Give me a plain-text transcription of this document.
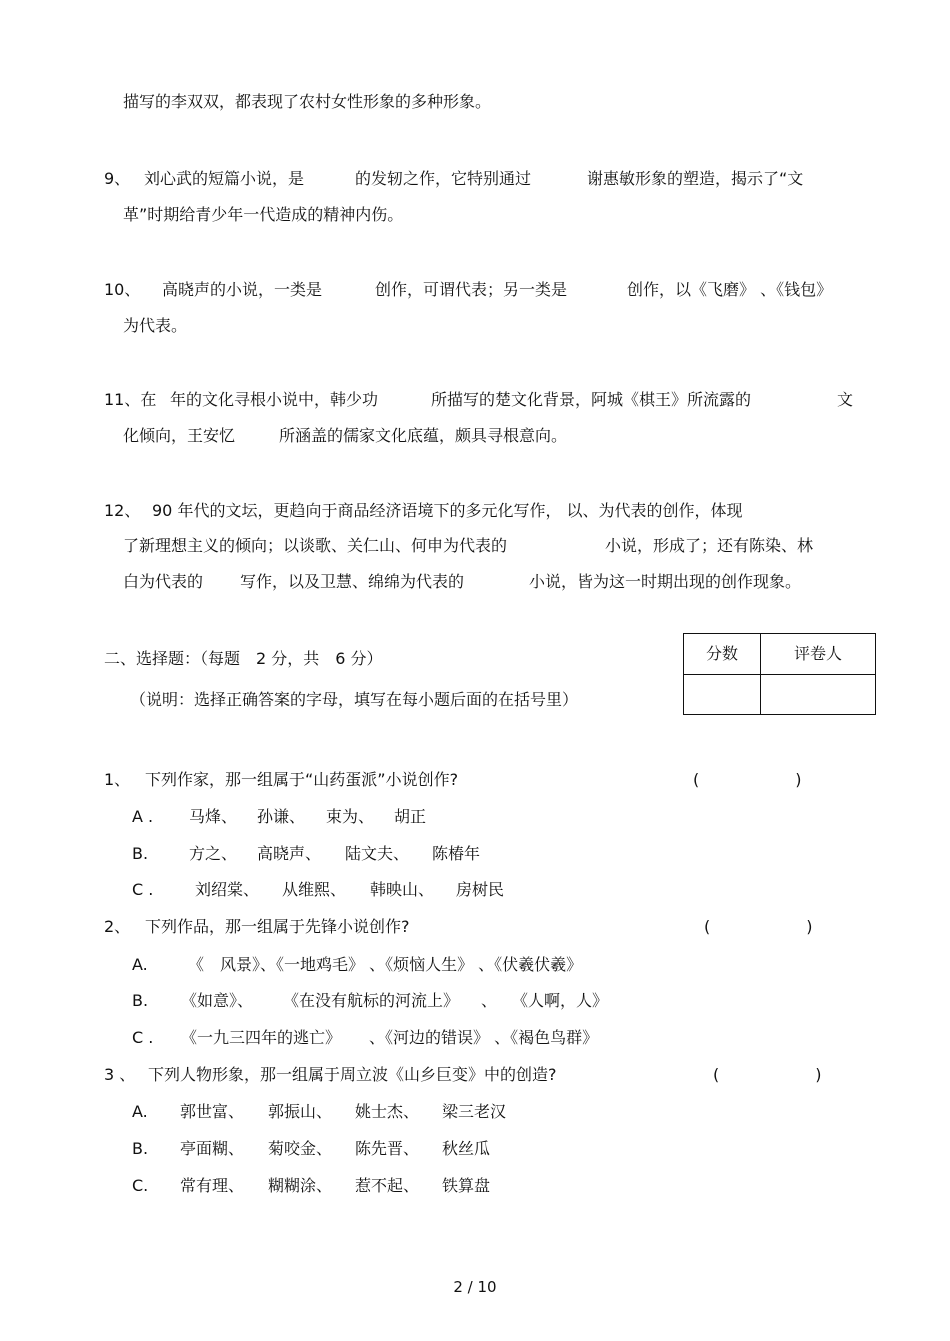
描写的李双双，都表现了农村女性形象的多种形象。
9、 刘心武的短篇小说，是	的发轫之作，它特别通过	谢惠敏形象的塑造，揭示了“文
革”时期给青少年一代造成的精神内伤。
10、 高晓声的小说，一类是	创作，可谓代表；另一类是	创作，以《飞磨》 、《钱包》
为代表。
11、在 年的文化寻根小说中，韩少功	所描写的楚文化背景，阿城《棋王》所流露的	文
化倾向，王安忆	所涵盖的儒家文化底蕴，颇具寻根意向。
12、 90 年代的文坛，更趋向于商品经济语境下的多元化写作， 以、为代表的创作，体现
了新理想主义的倾向；以谈歌、关仁山、何申为代表的	小说，形成了；还有陈染、林
白为代表的 写作，以及卫慧、绵绵为代表的	小说，皆为这一时期出现的创作现象。
二、选择题：（每题　2 分，共　6 分）
（说明：选择正确答案的字母，填写在每小题后面的在括号里）
分数	评卷人
1、 下列作家，那一组属于“山药蛋派”小说创作?	(　　　　　　)
A . 马烽、 孙谦、 束为、 胡正
B.	方之、 高晓声、 陆文夫、 陈椿年
C .	刘绍棠、 从维熙、 韩映山、 房树民
2、 下列作品，那一组属于先锋小说创作?	(　　　　　　)
A.	《　风景》、《一地鸡毛》 、《烦恼人生》 、《伏羲伏羲》
B. 《如意》、 《在没有航标的河流上》 、 《人啊，人》
C . 《一九三四年的逃亡》 、《河边的错误》 、《褐色鸟群》
3 、 下列人物形象，那一组属于周立波《山乡巨变》中的创造?	(　　　　　　)
A. 郭世富、 郭振山、 姚士杰、 梁三老汉
B. 亭面糊、 菊咬金、 陈先晋、 秋丝瓜
C. 常有理、 糊糊涂、 惹不起、 铁算盘
2 / 10
